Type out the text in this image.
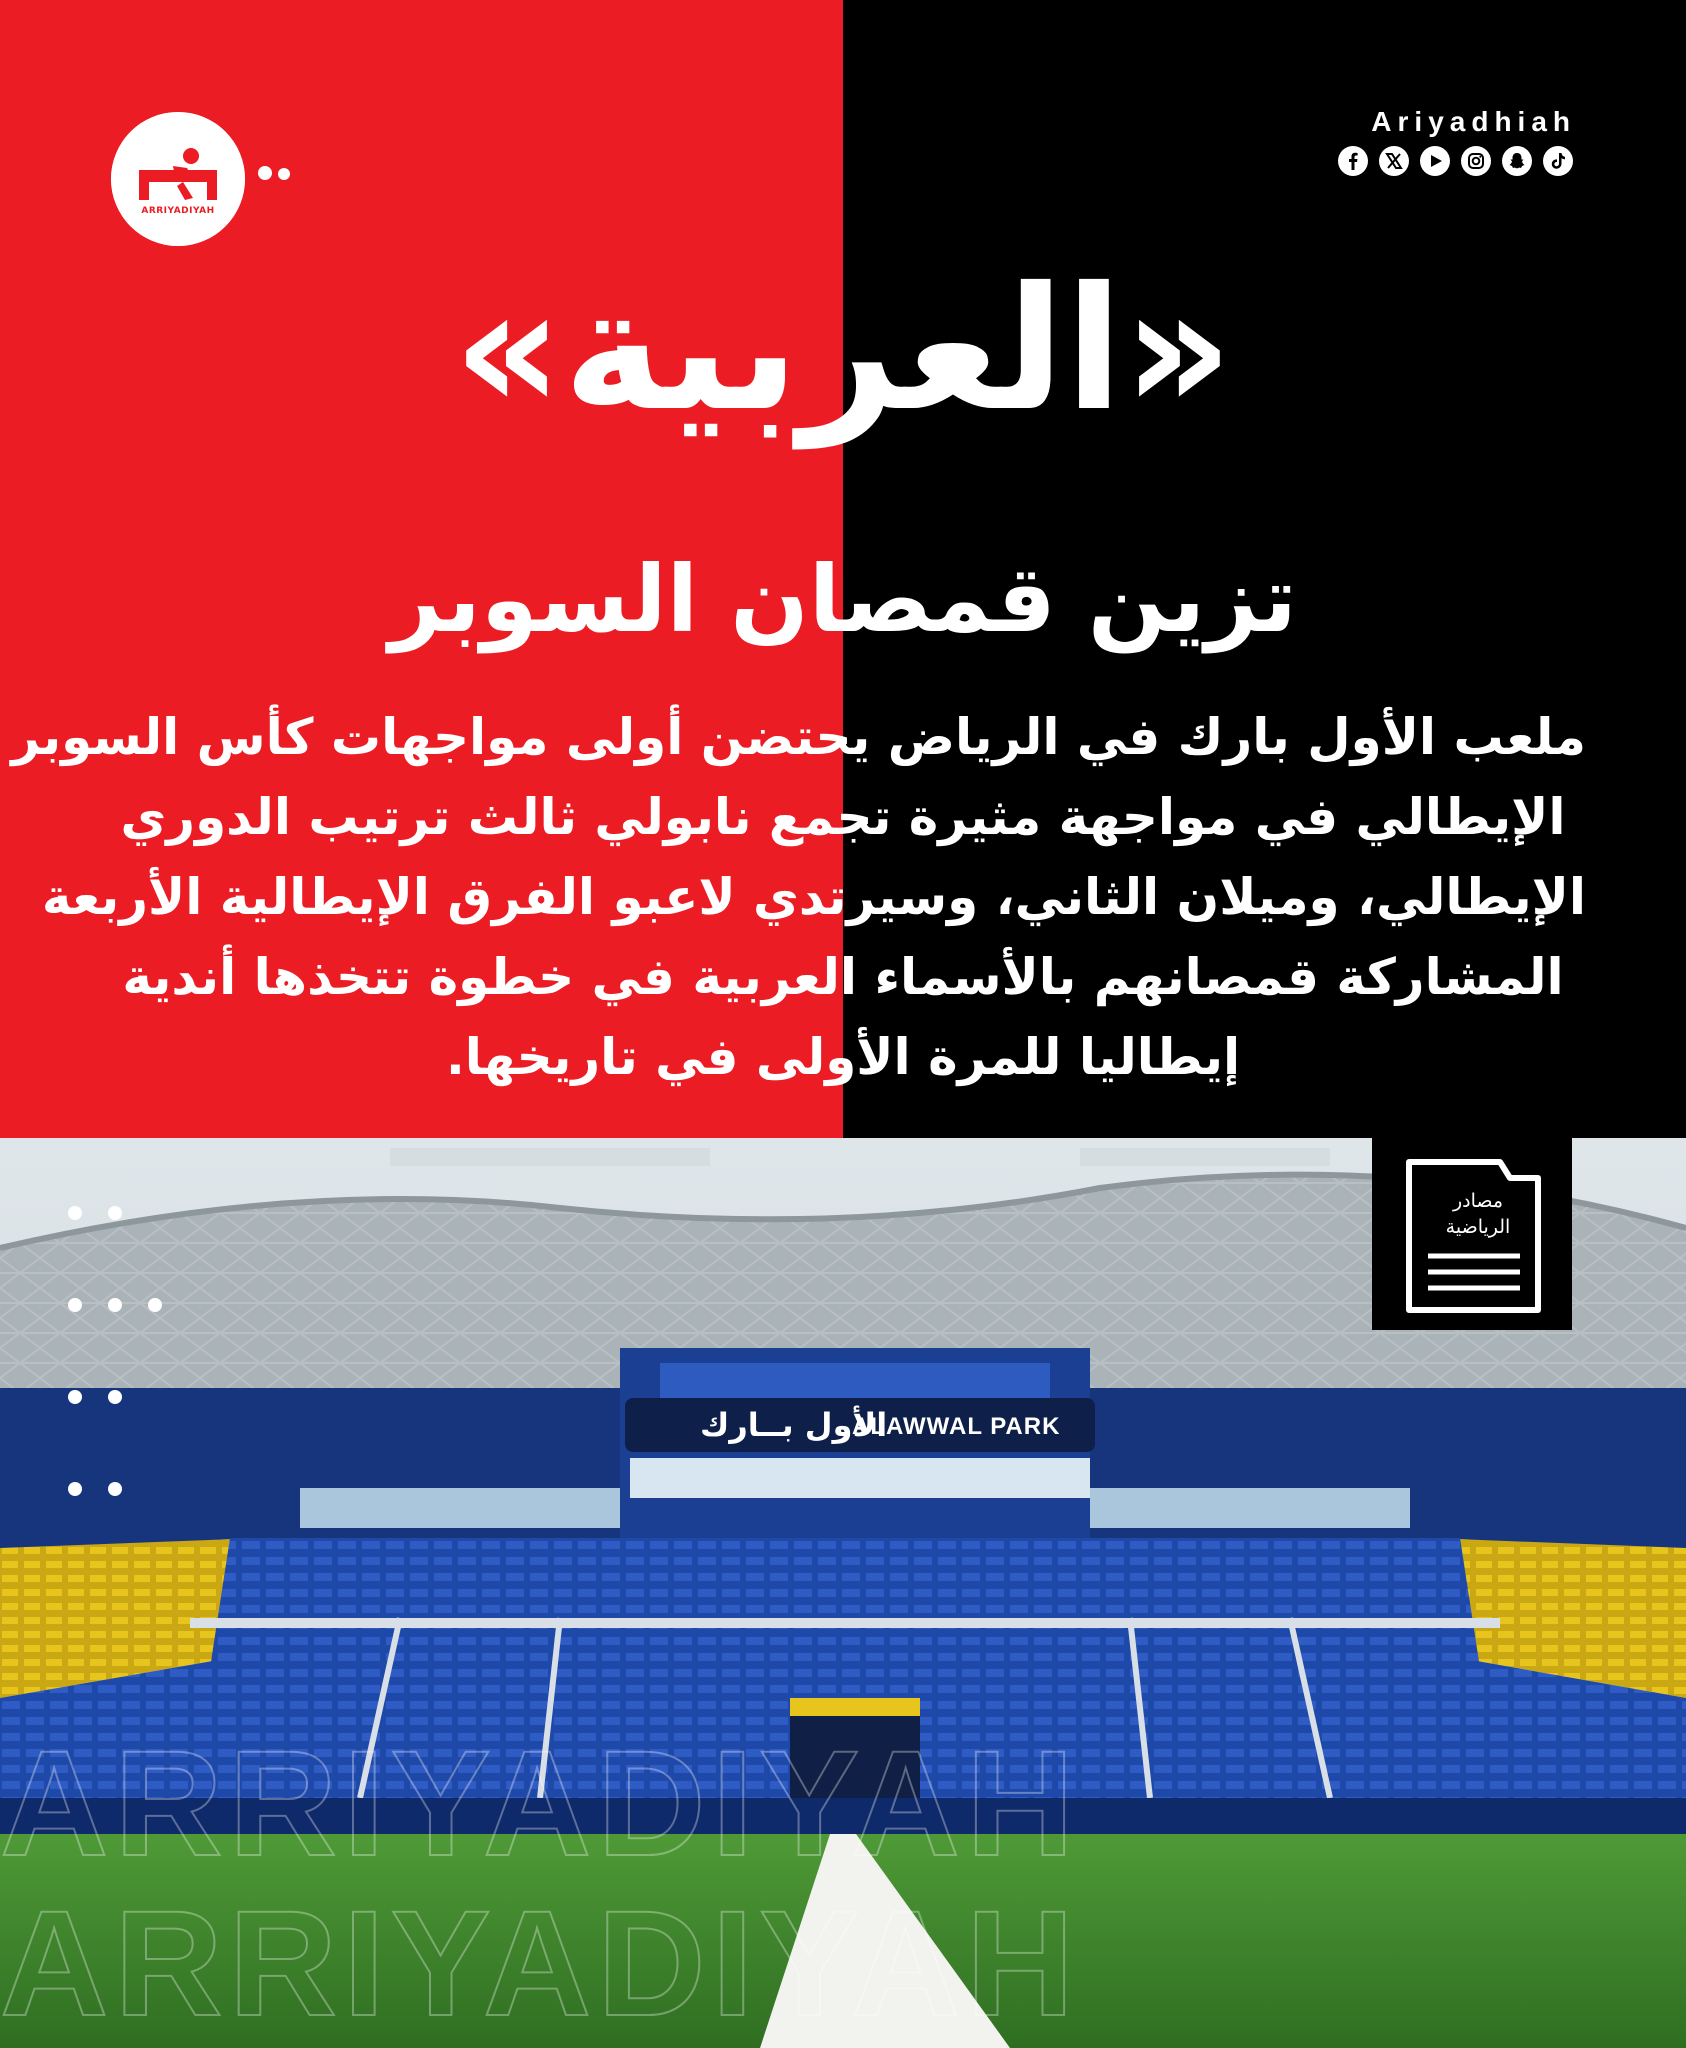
ARRIYADIYAH
Ariyadhiah
«العربية»
تزين قمصان السوبر
ملعب الأول بارك في الرياض يحتضن أولى مواجهات كأس السوبر
الإيطالي في مواجهة مثيرة تجمع نابولي ثالث ترتيب الدوري
الإيطالي، وميلان الثاني، وسيرتدي لاعبو الفرق الإيطالية الأربعة
المشاركة قمصانهم بالأسماء العربية في خطوة تتخذها أندية
إيطاليا للمرة الأولى في تاريخها.
الأول بــارك
ALAWWAL PARK
مصادر
الرياضية
ARRIYADIYAH
ARRIYADIYAH
